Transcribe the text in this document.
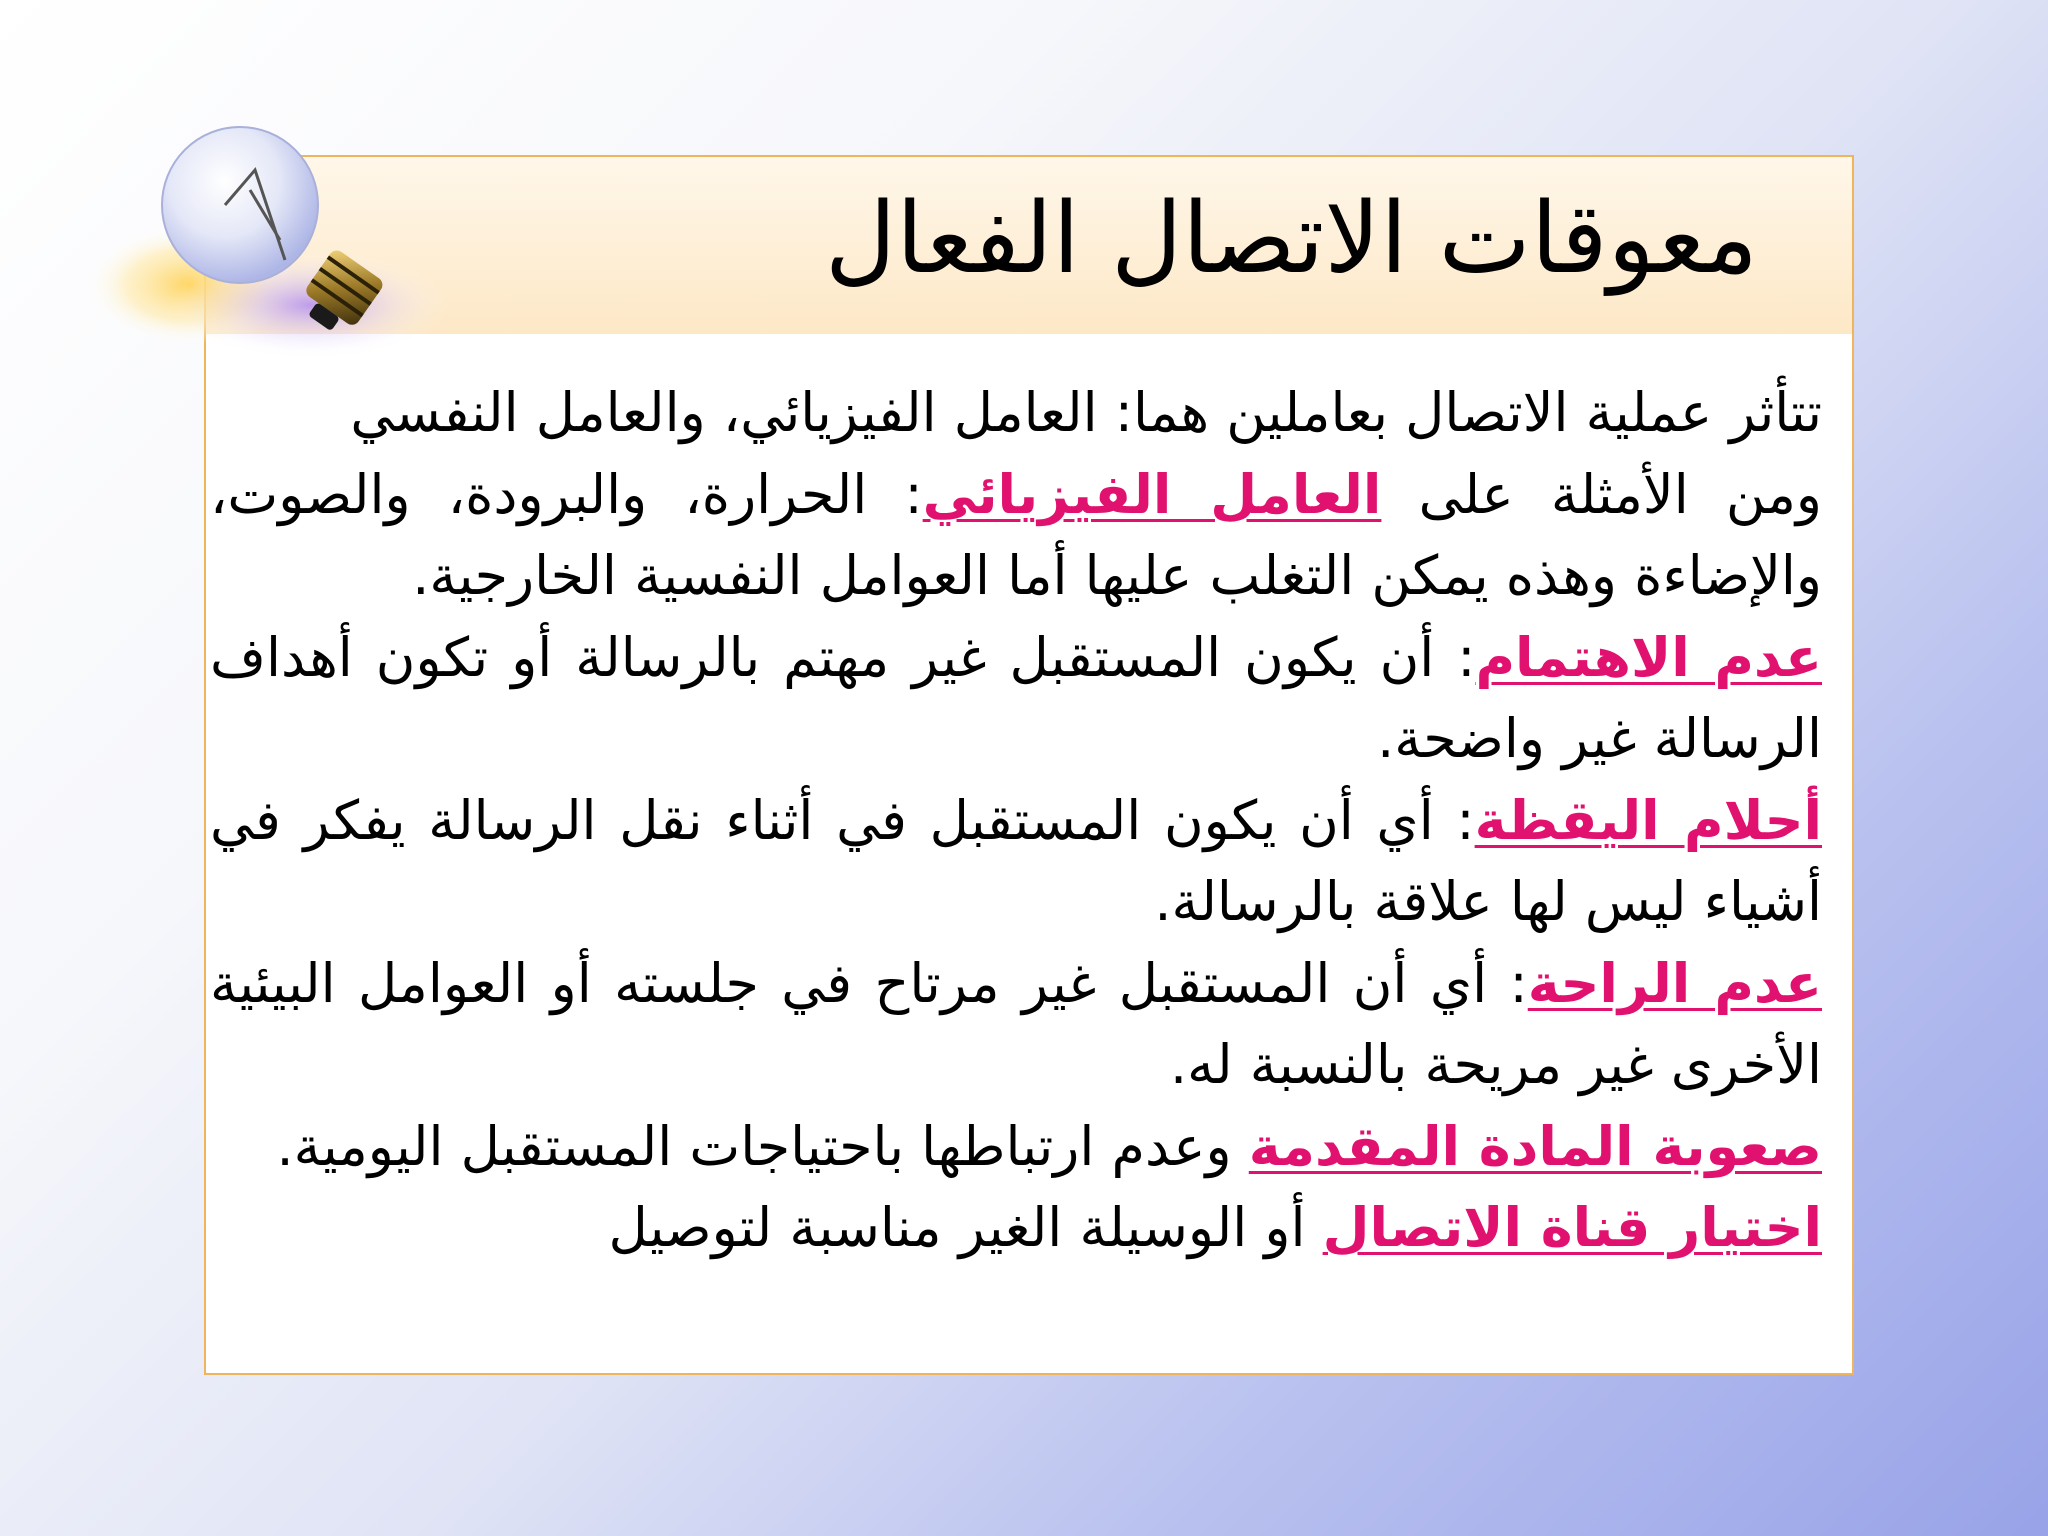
معوقات الاتصال الفعال

تتأثر عملية الاتصال بعاملين هما: العامل الفيزيائي، والعامل النفسي

ومن الأمثلة على العامل الفيزيائي: الحرارة، والبرودة، والصوت، والإضاءة وهذه يمكن التغلب عليها أما العوامل النفسية الخارجية.

عدم الاهتمام: أن يكون المستقبل غير مهتم بالرسالة أو تكون أهداف الرسالة غير واضحة.

أحلام اليقظة: أي أن يكون المستقبل في أثناء نقل الرسالة يفكر في أشياء ليس لها علاقة بالرسالة.

عدم الراحة: أي أن المستقبل غير مرتاح في جلسته أو العوامل البيئية الأخرى غير مريحة بالنسبة له.

صعوبة المادة المقدمة وعدم ارتباطها باحتياجات المستقبل اليومية.

اختيار قناة الاتصال أو الوسيلة الغير مناسبة لتوصيل
